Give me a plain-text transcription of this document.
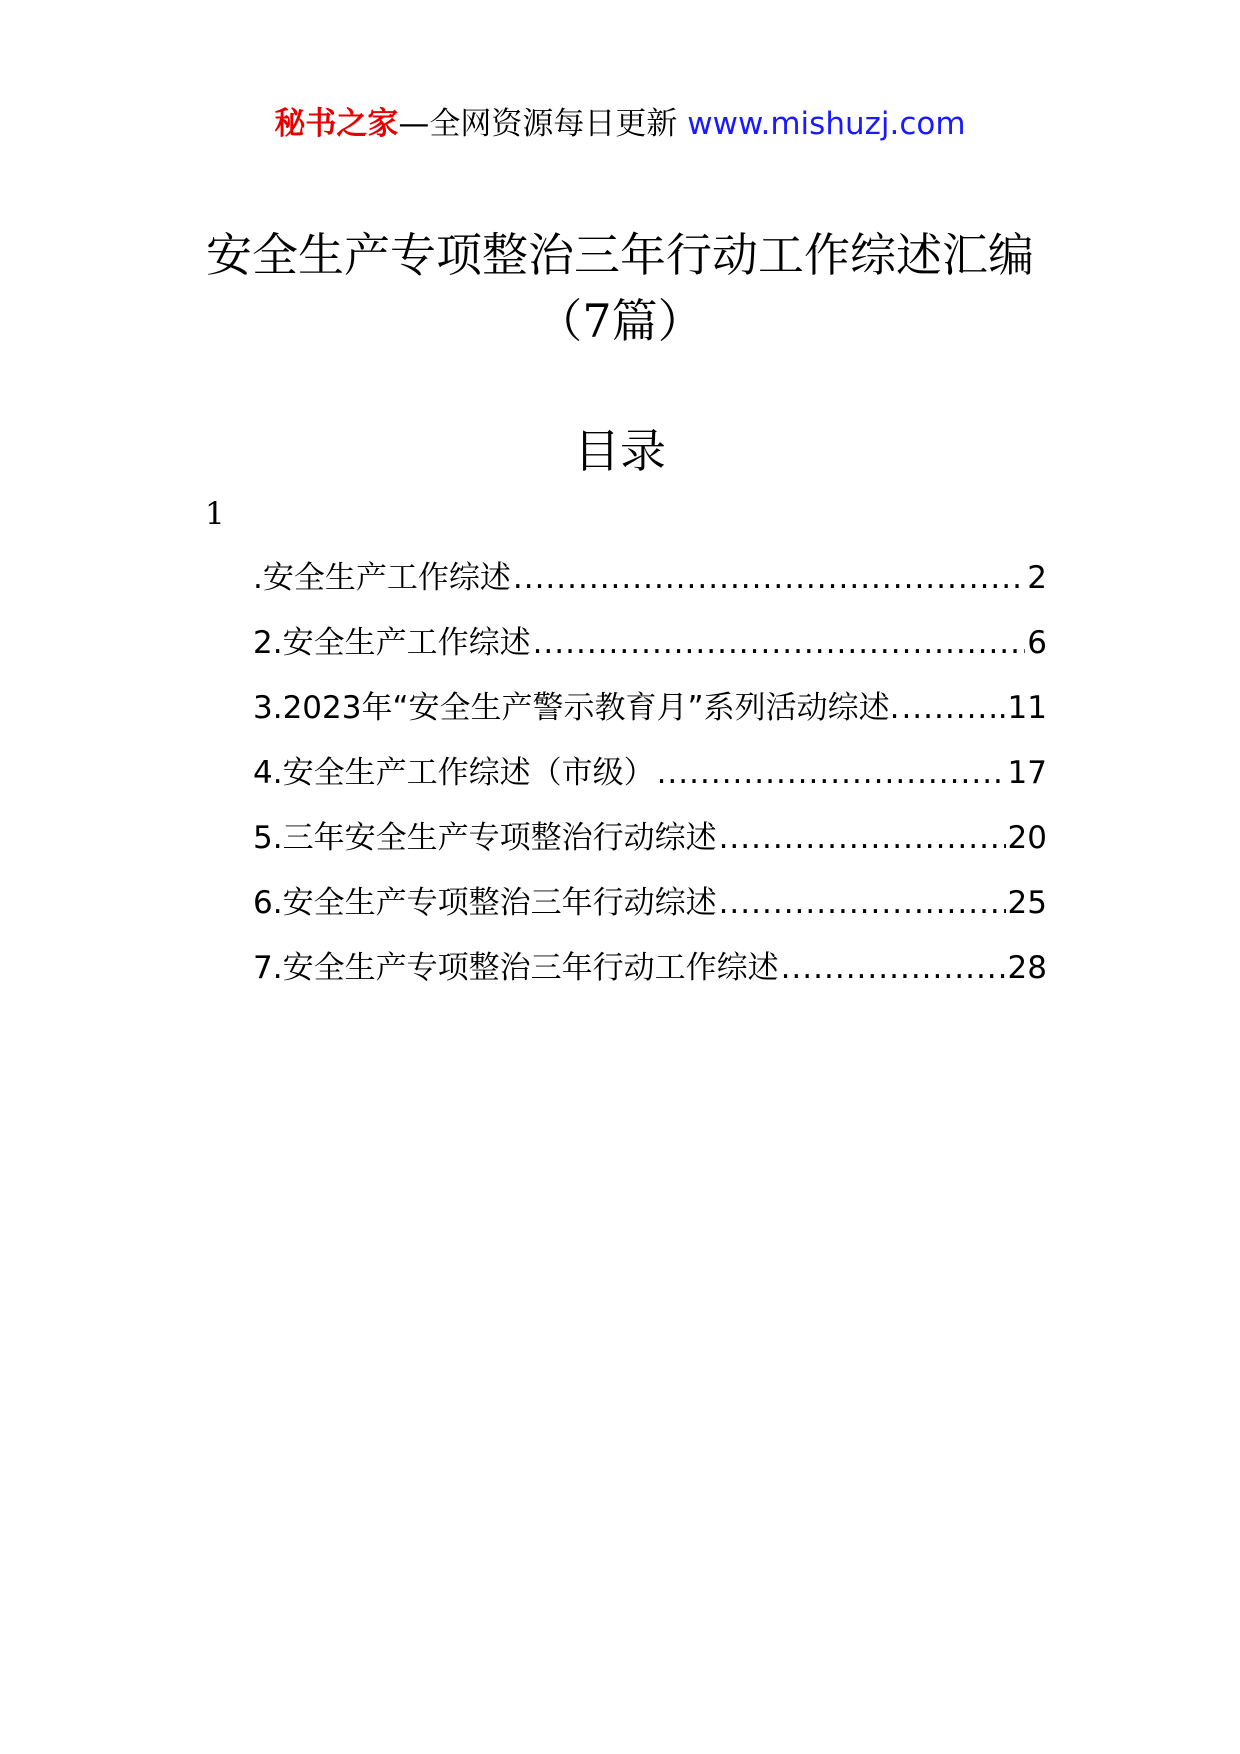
秘书之家—全网资源每日更新 www.mishuzj.com
安全生产专项整治三年行动工作综述汇编
（7篇）
目录
1
.安全生产工作综述 .....	2
2.安全生产工作综述 .....	6
3.2023年“安全生产警示教育月”系列活动综述. .....	.11
4.安全生产工作综述（市级） .....	17
5.三年安全生产专项整治行动综述 .....	20
6.安全生产专项整治三年行动综述 .....	25
7.安全生产专项整治三年行动工作综述 .....	28
